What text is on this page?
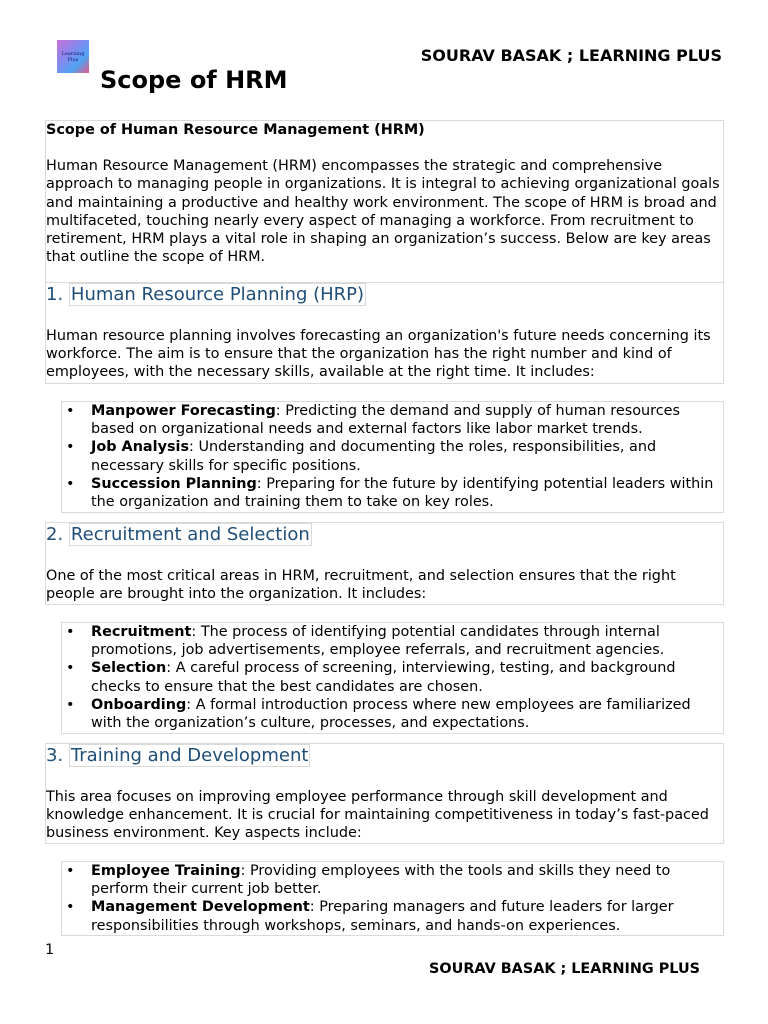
Learning Plus	SOURAV BASAK ; LEARNING PLUS
Scope of HRM
Scope of Human Resource Management (HRM)
Human Resource Management (HRM) encompasses the strategic and comprehensive approach to managing people in organizations. It is integral to achieving organizational goals and maintaining a productive and healthy work environment. The scope of HRM is broad and multifaceted, touching nearly every aspect of managing a workforce. From recruitment to retirement, HRM plays a vital role in shaping an organization’s success. Below are key areas that outline the scope of HRM.
1. Human Resource Planning (HRP)
Human resource planning involves forecasting an organization's future needs concerning its workforce. The aim is to ensure that the organization has the right number and kind of employees, with the necessary skills, available at the right time. It includes:
• Manpower Forecasting: Predicting the demand and supply of human resources based on organizational needs and external factors like labor market trends.
• Job Analysis: Understanding and documenting the roles, responsibilities, and necessary skills for specific positions.
• Succession Planning: Preparing for the future by identifying potential leaders within the organization and training them to take on key roles.
2. Recruitment and Selection
One of the most critical areas in HRM, recruitment, and selection ensures that the right people are brought into the organization. It includes:
• Recruitment: The process of identifying potential candidates through internal promotions, job advertisements, employee referrals, and recruitment agencies.
• Selection: A careful process of screening, interviewing, testing, and background checks to ensure that the best candidates are chosen.
• Onboarding: A formal introduction process where new employees are familiarized with the organization’s culture, processes, and expectations.
3. Training and Development
This area focuses on improving employee performance through skill development and knowledge enhancement. It is crucial for maintaining competitiveness in today’s fast-paced business environment. Key aspects include:
• Employee Training: Providing employees with the tools and skills they need to perform their current job better.
• Management Development: Preparing managers and future leaders for larger responsibilities through workshops, seminars, and hands-on experiences.
1
SOURAV BASAK ; LEARNING PLUS
